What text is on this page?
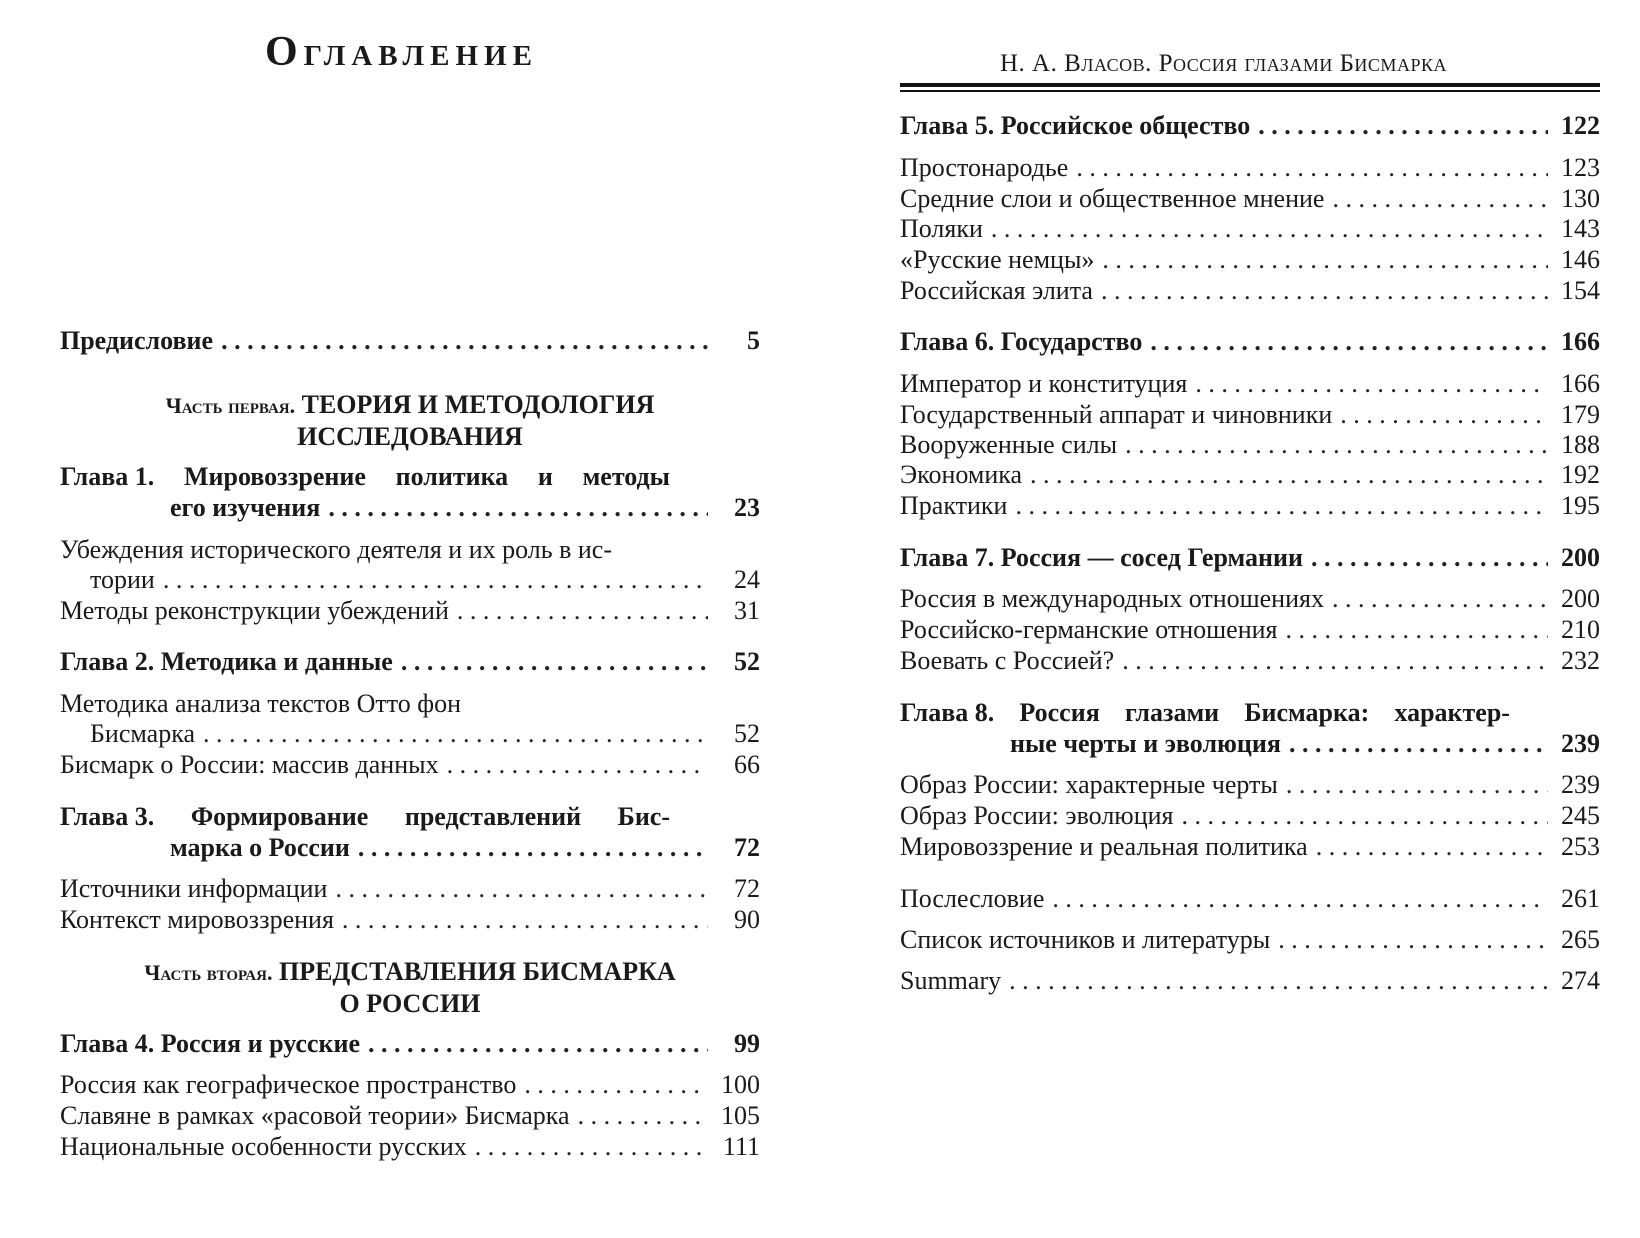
Оглавление
Предисловие . . .	5
Часть первая. ТЕОРИЯ И МЕТОДОЛОГИЯ
ИССЛЕДОВАНИЯ
Глава 1. Мировоззрение политика и методы
его изучения . . .	23
Убеждения исторического деятеля и их роль в ис-
тории . . .	24
Методы реконструкции убеждений . . .	31
Глава 2. Методика и данные . . .	52
Методика анализа текстов Отто фон
Бисмарка . . .	52
Бисмарк о России: массив данных . . .	66
Глава 3. Формирование представлений Бис-
марка о России . . .	72
Источники информации . . .	72
Контекст мировоззрения . . .	90
Часть вторая. ПРЕДСТАВЛЕНИЯ БИСМАРКА
О РОССИИ
Глава 4. Россия и русские . . .	99
Россия как географическое пространство . . .	100
Славяне в рамках «расовой теории» Бисмарка . . .	105
Национальные особенности русских . . .	111
Н. А. Власов. Россия глазами Бисмарка
Глава 5. Российское общество . . .	122
Простонародье . . .	123
Средние слои и общественное мнение . . .	130
Поляки . . .	143
«Русские немцы» . . .	146
Российская элита . . .	154
Глава 6. Государство . . .	166
Император и конституция . . .	166
Государственный аппарат и чиновники . . .	179
Вооруженные силы . . .	188
Экономика . . .	192
Практики . . .	195
Глава 7. Россия — сосед Германии . . .	200
Россия в международных отношениях . . .	200
Российско-германские отношения . . .	210
Воевать с Россией? . . .	232
Глава 8. Россия глазами Бисмарка: характер-
ные черты и эволюция . . .	239
Образ России: характерные черты . . .	239
Образ России: эволюция . . .	245
Мировоззрение и реальная политика . . .	253
Послесловие . . .	261
Список источников и литературы . . .	265
Summary . . .	274
